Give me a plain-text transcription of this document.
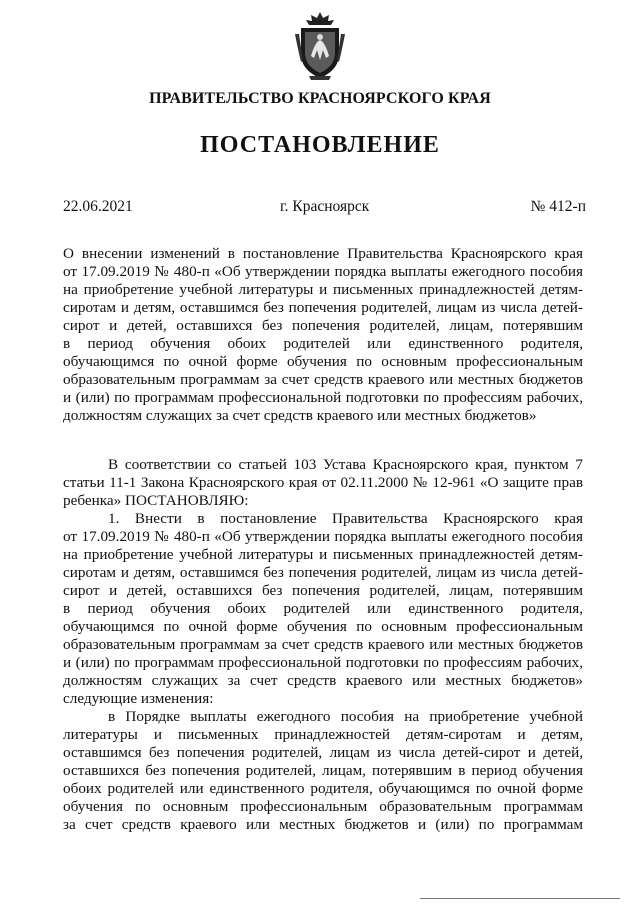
ПРАВИТЕЛЬСТВО КРАСНОЯРСКОГО КРАЯ
ПОСТАНОВЛЕНИЕ
22.06.2021	г. Красноярск	№ 412-п
О внесении изменений в постановление Правительства Красноярского края
от 17.09.2019 № 480-п «Об утверждении порядка выплаты ежегодного пособия
на приобретение учебной литературы и письменных принадлежностей детям-
сиротам и детям, оставшимся без попечения родителей, лицам из числа детей-
сирот и детей, оставшихся без попечения родителей, лицам, потерявшим
в период обучения обоих родителей или единственного родителя,
обучающимся по очной форме обучения по основным профессиональным
образовательным программам за счет средств краевого или местных бюджетов
и (или) по программам профессиональной подготовки по профессиям рабочих,
должностям служащих за счет средств краевого или местных бюджетов»
В соответствии со статьей 103 Устава Красноярского края, пунктом 7
статьи 11-1 Закона Красноярского края от 02.11.2000 № 12-961 «О защите прав
ребенка» ПОСТАНОВЛЯЮ:
1. Внести в постановление Правительства Красноярского края
от 17.09.2019 № 480-п «Об утверждении порядка выплаты ежегодного пособия
на приобретение учебной литературы и письменных принадлежностей детям-
сиротам и детям, оставшимся без попечения родителей, лицам из числа детей-
сирот и детей, оставшихся без попечения родителей, лицам, потерявшим
в период обучения обоих родителей или единственного родителя,
обучающимся по очной форме обучения по основным профессиональным
образовательным программам за счет средств краевого или местных бюджетов
и (или) по программам профессиональной подготовки по профессиям рабочих,
должностям служащих за счет средств краевого или местных бюджетов»
следующие изменения:
в Порядке выплаты ежегодного пособия на приобретение учебной
литературы и письменных принадлежностей детям-сиротам и детям,
оставшимся без попечения родителей, лицам из числа детей-сирот и детей,
оставшихся без попечения родителей, лицам, потерявшим в период обучения
обоих родителей или единственного родителя, обучающимся по очной форме
обучения по основным профессиональным образовательным программам
за счет средств краевого или местных бюджетов и (или) по программам
